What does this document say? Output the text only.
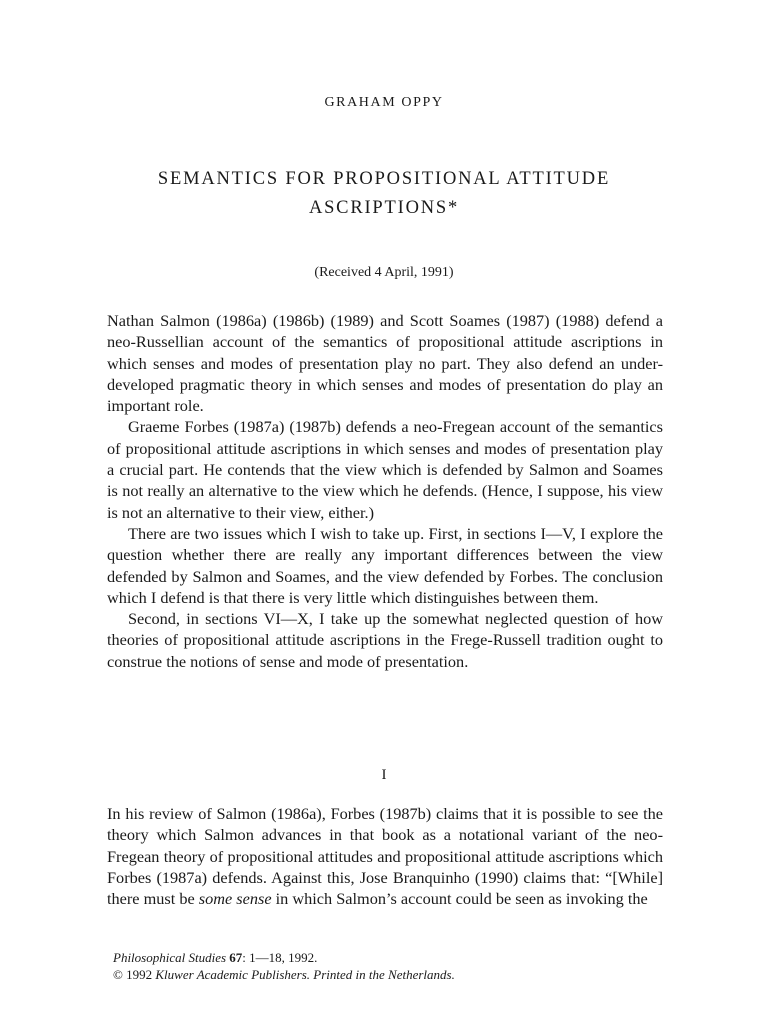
GRAHAM OPPY
SEMANTICS FOR PROPOSITIONAL ATTITUDE
ASCRIPTIONS*
(Received 4 April, 1991)

Nathan Salmon (1986a) (1986b) (1989) and Scott Soames (1987) (1988) defend a neo-Russellian account of the semantics of propositional attitude ascriptions in which senses and modes of presentation play no part. They also defend an under-developed pragmatic theory in which senses and modes of presentation do play an important role.

Graeme Forbes (1987a) (1987b) defends a neo-Fregean account of the semantics of propositional attitude ascriptions in which senses and modes of presentation play a crucial part. He contends that the view which is defended by Salmon and Soames is not really an alternative to the view which he defends. (Hence, I suppose, his view is not an alternative to their view, either.)

There are two issues which I wish to take up. First, in sections I—V, I explore the question whether there are really any important differences between the view defended by Salmon and Soames, and the view defended by Forbes. The conclusion which I defend is that there is very little which distinguishes between them.

Second, in sections VI—X, I take up the somewhat neglected question of how theories of propositional attitude ascriptions in the Frege-Russell tradition ought to construe the notions of sense and mode of presentation.

I

In his review of Salmon (1986a), Forbes (1987b) claims that it is possible to see the theory which Salmon advances in that book as a notational variant of the neo-Fregean theory of propositional attitudes and propositional attitude ascriptions which Forbes (1987a) defends. Against this, Jose Branquinho (1990) claims that: “[While] there must be some sense in which Salmon’s account could be seen as invoking the

Philosophical Studies 67: 1—18, 1992.
© 1992 Kluwer Academic Publishers. Printed in the Netherlands.
